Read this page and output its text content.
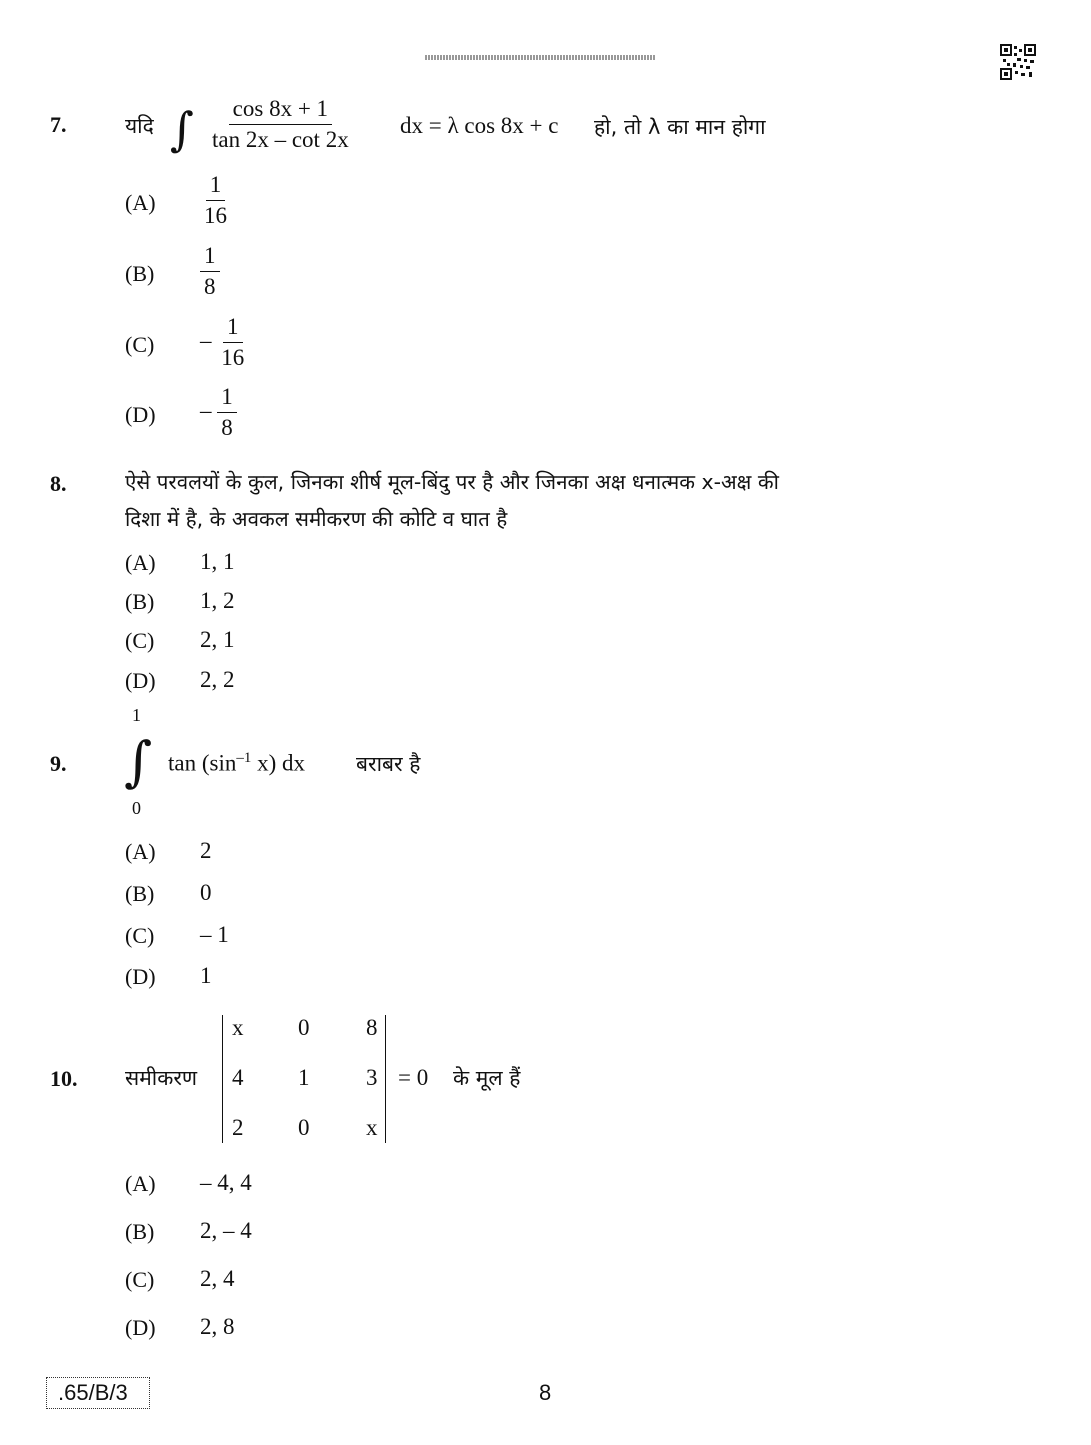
7.	यदि ∫ $\frac{\cos 8x + 1}{\tan 2x - \cot 2x}$ dx = λ cos 8x + c हो, तो λ का मान होगा
$(A) \frac{1}{16}$
$(B) \frac{1}{8}$
$(C) - \frac{1}{16}$
$(D) - \frac{1}{8}$
8.	ऐसे परवलयों के कुल, जिनका शीर्ष मूल-बिंदु पर है और जिनका अक्ष धनात्मक x-अक्ष की
दिशा में है, के अवकल समीकरण की कोटि व घात है
(A) 1, 1
(B) 1, 2
(C) 2, 1
(D) 2, 2
9.
1
∫
0
$\tan (\sin^{-1}$ x) dx बराबर है
(A) 2
(B) 0
(C) – 1
(D) 1
10. समीकरण
x 0 8
4 1 3
2 0 x
= 0 के मूल हैं
(A) – 4, 4
(B) 2, – 4
(C) 2, 4
(D) 2, 8
.65/B/3	8
